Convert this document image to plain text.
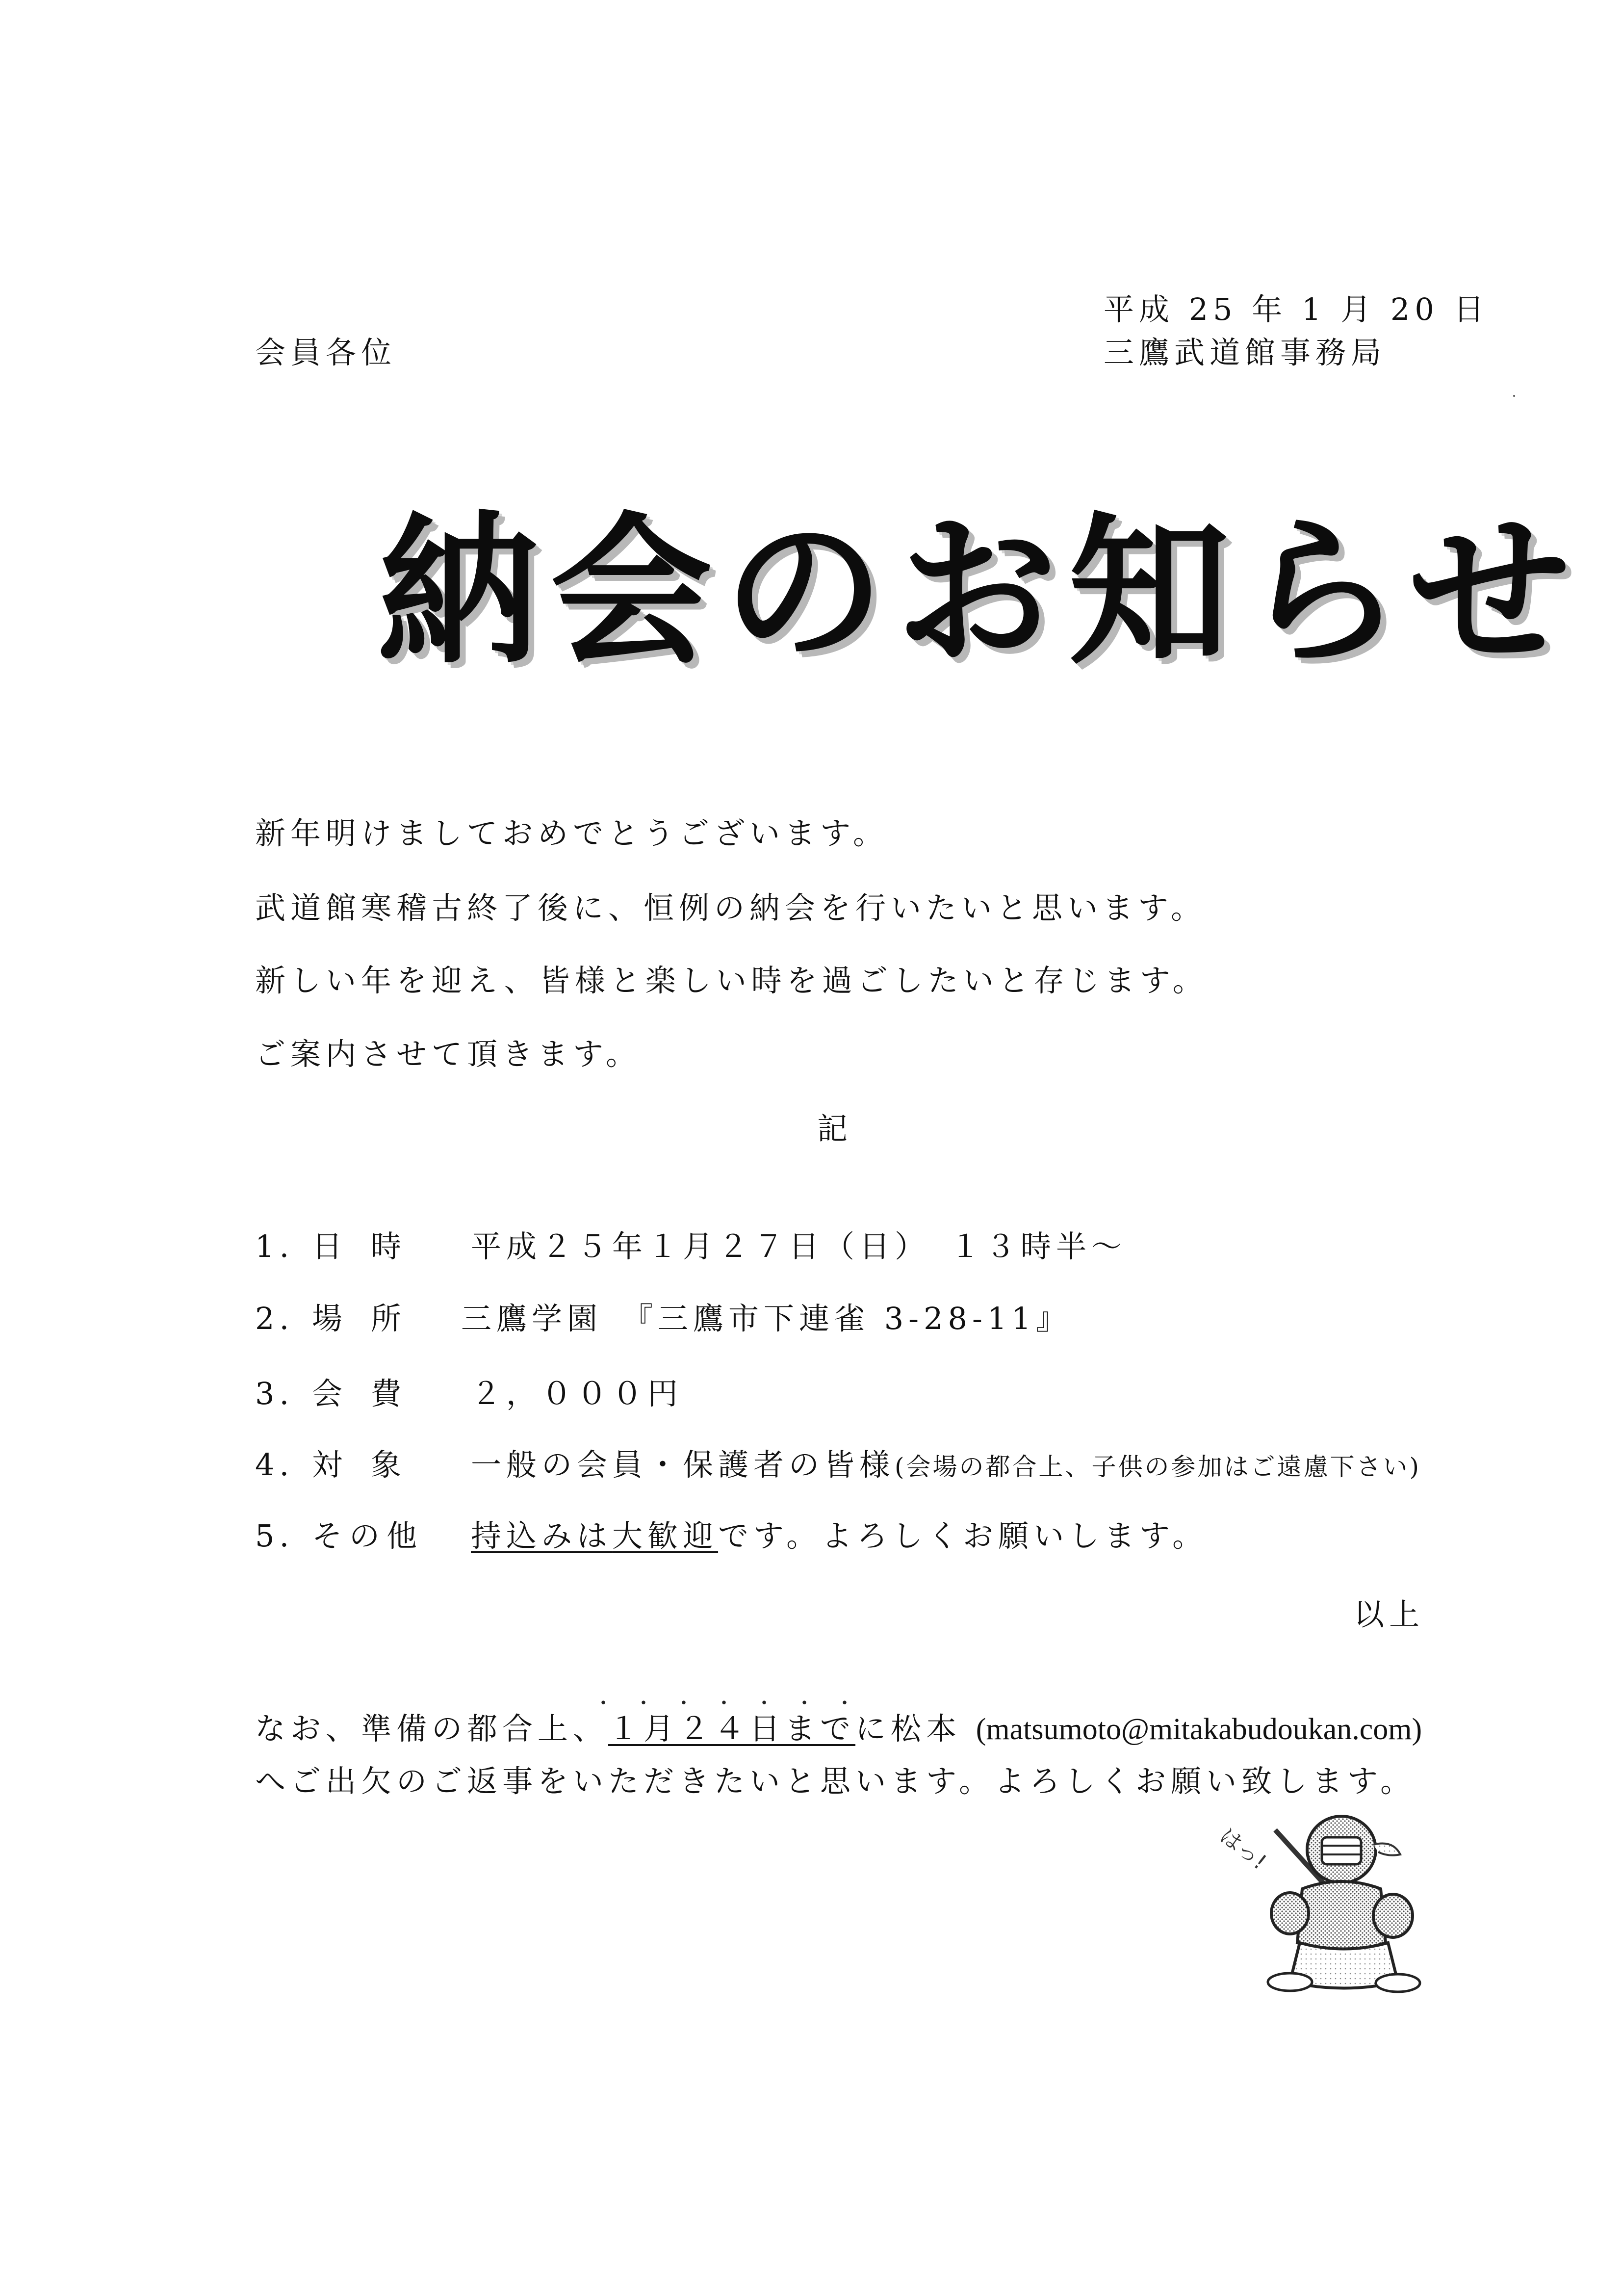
平成 25 年 1 月 20 日
三鷹武道館事務局
会員各位
納会のお知らせ
新年明けましておめでとうございます。
武道館寒稽古終了後に、恒例の納会を行いたいと思います。
新しい年を迎え、皆様と楽しい時を過ごしたいと存じます。
ご案内させて頂きます。
記
1. 日時 平成２５年１月２７日（日）　１３時半～
2. 場所 三鷹学園　『三鷹市下連雀 3-28-11』
3. 会費 ２，０００円
4. 対象 一般の会員・保護者の皆様(会場の都合上、子供の参加はご遠慮下さい)
5. その他 持込みは大歓迎です。よろしくお願いします。
以上
・・・・・・・
なお、準備の都合上、１月２４日までに松本 (matsumoto@mitakabudoukan.com)
へご出欠のご返事をいただきたいと思います。よろしくお願い致します。
はっ!
